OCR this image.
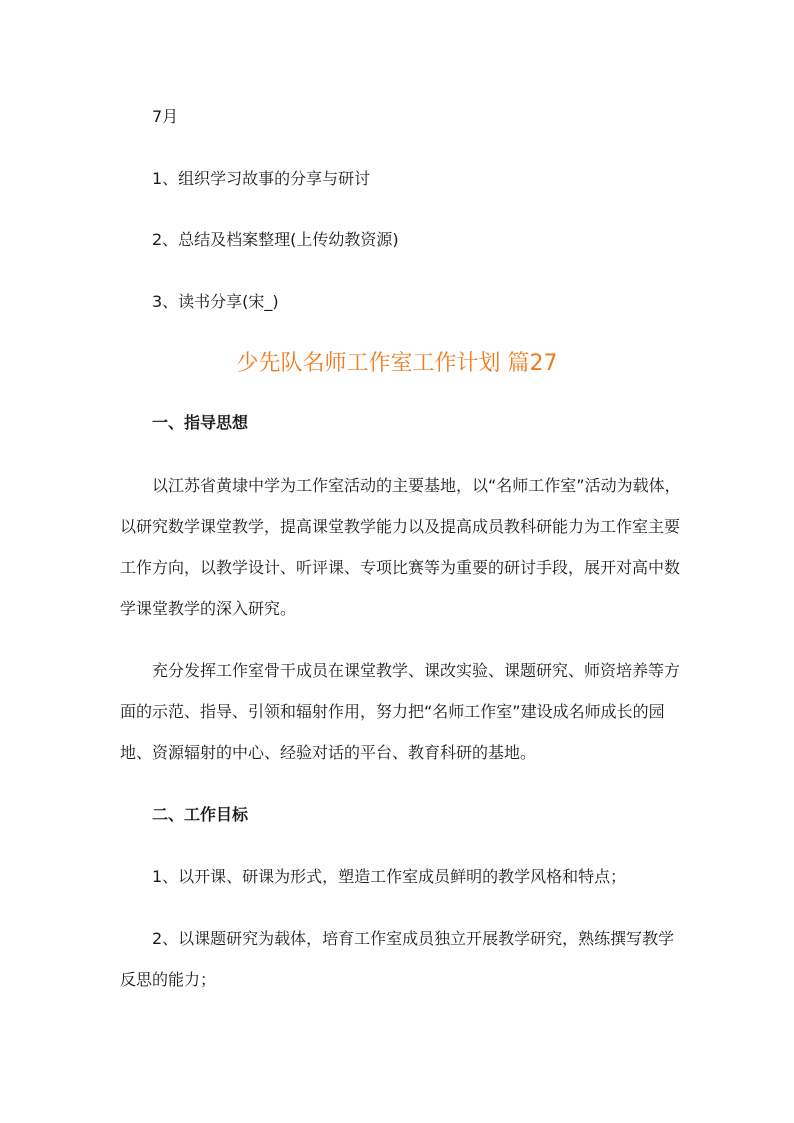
7月
1、组织学习故事的分享与研讨
2、总结及档案整理(上传幼教资源)
3、读书分享(宋_)
少先队名师工作室工作计划 篇27
一、指导思想
以江苏省黄埭中学为工作室活动的主要基地，以“名师工作室”活动为载体，
以研究数学课堂教学，提高课堂教学能力以及提高成员教科研能力为工作室主要
工作方向，以教学设计、听评课、专项比赛等为重要的研讨手段，展开对高中数
学课堂教学的深入研究。
充分发挥工作室骨干成员在课堂教学、课改实验、课题研究、师资培养等方
面的示范、指导、引领和辐射作用，努力把“名师工作室”建设成名师成长的园
地、资源辐射的中心、经验对话的平台、教育科研的基地。
二、工作目标
1、以开课、研课为形式，塑造工作室成员鲜明的教学风格和特点；
2、以课题研究为载体，培育工作室成员独立开展教学研究，熟练撰写教学
反思的能力；
